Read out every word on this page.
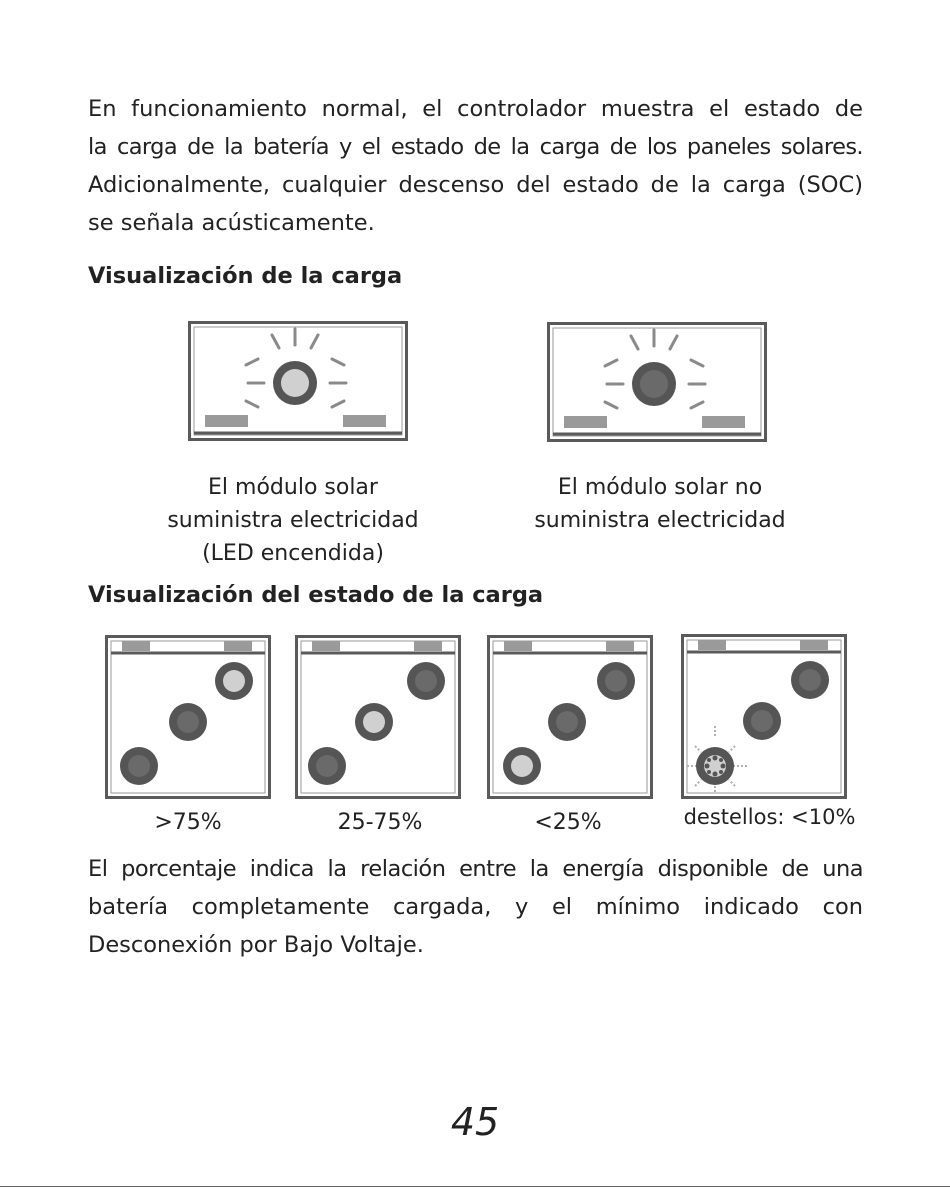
En funcionamiento normal, el controlador muestra el estado de
la carga de la batería y el estado de la carga de los paneles solares.
Adicionalmente, cualquier descenso del estado de la carga (SOC)
se señala acústicamente.
Visualización de la carga
El módulo solar
suministra electricidad
(LED encendida)
El módulo solar no
suministra electricidad
Visualización del estado de la carga
>75%	25-75%	<25%	destellos: <10%
El porcentaje indica la relación entre la energía disponible de una
batería completamente cargada, y el mínimo indicado con
Desconexión por Bajo Voltaje.
45
